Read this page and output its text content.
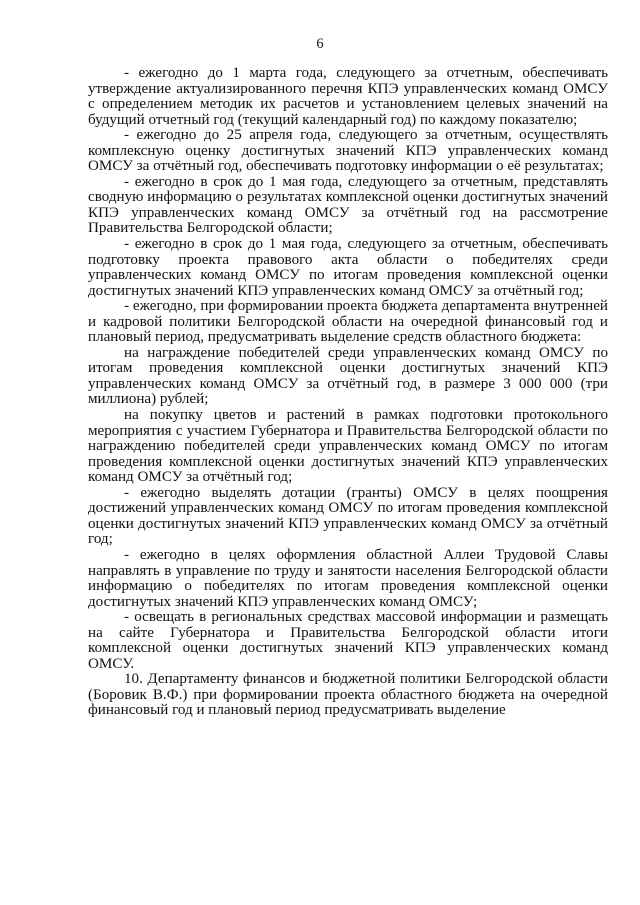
6

- ежегодно до 1 марта года, следующего за отчетным, обеспечивать утверждение актуализированного перечня КПЭ управленческих команд ОМСУ с определением методик их расчетов и установлением целевых значений на будущий отчетный год (текущий календарный год) по каждому показателю;

- ежегодно до 25 апреля года, следующего за отчетным, осуществлять комплексную оценку достигнутых значений КПЭ управленческих команд ОМСУ за отчётный год, обеспечивать подготовку информации о её результатах;

- ежегодно в срок до 1 мая года, следующего за отчетным, представлять сводную информацию о результатах комплексной оценки достигнутых значений КПЭ управленческих команд ОМСУ за отчётный год на рассмотрение Правительства Белгородской области;

- ежегодно в срок до 1 мая года, следующего за отчетным, обеспечивать подготовку проекта правового акта области о победителях среди управленческих команд ОМСУ по итогам проведения комплексной оценки достигнутых значений КПЭ управленческих команд ОМСУ за отчётный год;

- ежегодно, при формировании проекта бюджета департамента внутренней и кадровой политики Белгородской области на очередной финансовый год и плановый период, предусматривать выделение средств областного бюджета:

на награждение победителей среди управленческих команд ОМСУ по итогам проведения комплексной оценки достигнутых значений КПЭ управленческих команд ОМСУ за отчётный год, в размере 3 000 000 (три миллиона) рублей;

на покупку цветов и растений в рамках подготовки протокольного мероприятия с участием Губернатора и Правительства Белгородской области по награждению победителей среди управленческих команд ОМСУ по итогам проведения комплексной оценки достигнутых значений КПЭ управленческих команд ОМСУ за отчётный год;

- ежегодно выделять дотации (гранты) ОМСУ в целях поощрения достижений управленческих команд ОМСУ по итогам проведения комплексной оценки достигнутых значений КПЭ управленческих команд ОМСУ за отчётный год;

- ежегодно в целях оформления областной Аллеи Трудовой Славы направлять в управление по труду и занятости населения Белгородской области информацию о победителях по итогам проведения комплексной оценки достигнутых значений КПЭ управленческих команд ОМСУ;

- освещать в региональных средствах массовой информации и размещать на сайте Губернатора и Правительства Белгородской области итоги комплексной оценки достигнутых значений КПЭ управленческих команд ОМСУ.

10. Департаменту финансов и бюджетной политики Белгородской области (Боровик В.Ф.) при формировании проекта областного бюджета на очередной финансовый год и плановый период предусматривать выделение
